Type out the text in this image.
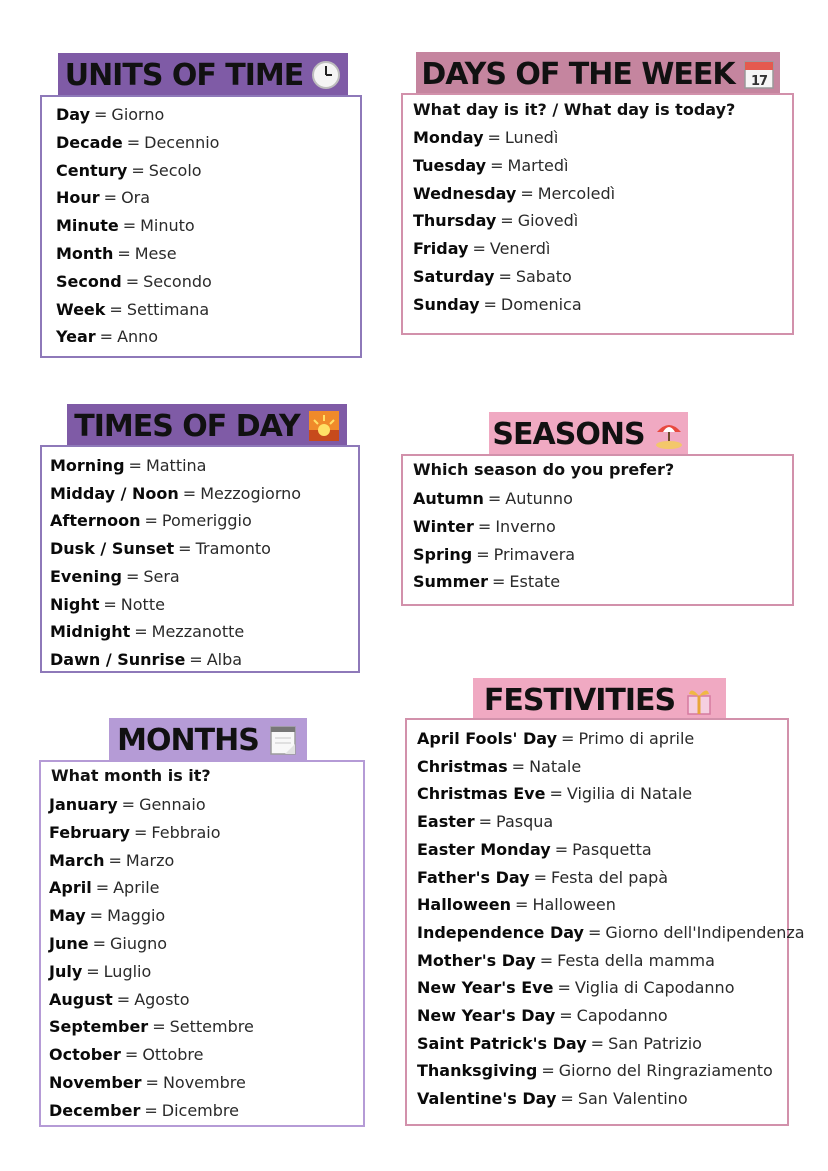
UNITS OF TIME
Day = Giorno
Decade = Decennio
Century = Secolo
Hour = Ora
Minute = Minuto
Month = Mese
Second = Secondo
Week = Settimana
Year = Anno
DAYS OF THE WEEK 17
What day is it? / What day is today?
Monday = Lunedì
Tuesday = Martedì
Wednesday = Mercoledì
Thursday = Giovedì
Friday = Venerdì
Saturday = Sabato
Sunday = Domenica
TIMES OF DAY
Morning = Mattina
Midday / Noon = Mezzogiorno
Afternoon = Pomeriggio
Dusk / Sunset = Tramonto
Evening = Sera
Night = Notte
Midnight = Mezzanotte
Dawn / Sunrise = Alba
SEASONS
Which season do you prefer?
Autumn = Autunno
Winter = Inverno
Spring = Primavera
Summer = Estate
MONTHS
What month is it?
January = Gennaio
February = Febbraio
March = Marzo
April = Aprile
May = Maggio
June = Giugno
July = Luglio
August = Agosto
September = Settembre
October = Ottobre
November = Novembre
December = Dicembre
FESTIVITIES
April Fools' Day = Primo di aprile
Christmas = Natale
Christmas Eve = Vigilia di Natale
Easter = Pasqua
Easter Monday = Pasquetta
Father's Day = Festa del papà
Halloween = Halloween
Independence Day = Giorno dell'Indipendenza
Mother's Day = Festa della mamma
New Year's Eve = Viglia di Capodanno
New Year's Day = Capodanno
Saint Patrick's Day = San Patrizio
Thanksgiving = Giorno del Ringraziamento
Valentine's Day = San Valentino
